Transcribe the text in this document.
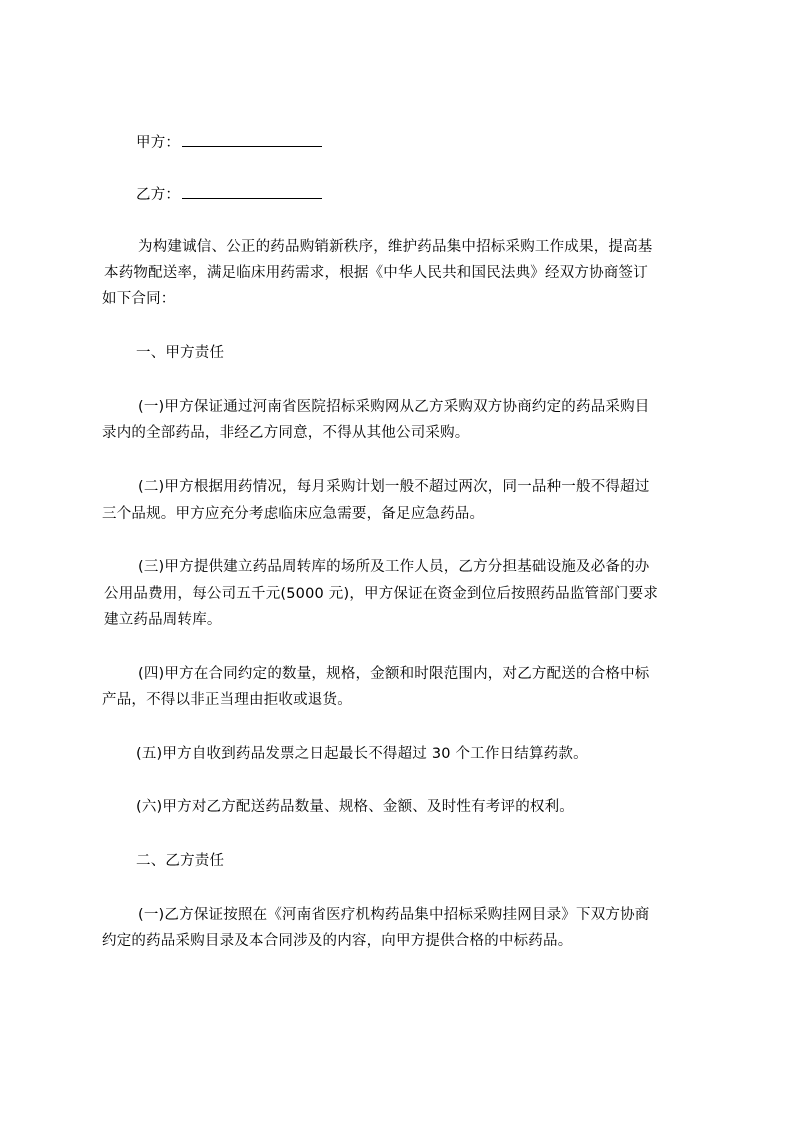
甲方：
乙方：
为构建诚信、公正的药品购销新秩序，维护药品集中招标采购工作成果，提高基
本药物配送率，满足临床用药需求，根据《中华人民共和国民法典》经双方协商签订
如下合同：
一、甲方责任
(一)甲方保证通过河南省医院招标采购网从乙方采购双方协商约定的药品采购目
录内的全部药品，非经乙方同意，不得从其他公司采购。
(二)甲方根据用药情况，每月采购计划一般不超过两次，同一品种一般不得超过
三个品规。甲方应充分考虑临床应急需要，备足应急药品。
(三)甲方提供建立药品周转库的场所及工作人员，乙方分担基础设施及必备的办
公用品费用，每公司五千元(5000 元)，甲方保证在资金到位后按照药品监管部门要求
建立药品周转库。
(四)甲方在合同约定的数量，规格，金额和时限范围内，对乙方配送的合格中标
产品，不得以非正当理由拒收或退货。
(五)甲方自收到药品发票之日起最长不得超过 30 个工作日结算药款。
(六)甲方对乙方配送药品数量、规格、金额、及时性有考评的权利。
二、乙方责任
(一)乙方保证按照在《河南省医疗机构药品集中招标采购挂网目录》下双方协商
约定的药品采购目录及本合同涉及的内容，向甲方提供合格的中标药品。
